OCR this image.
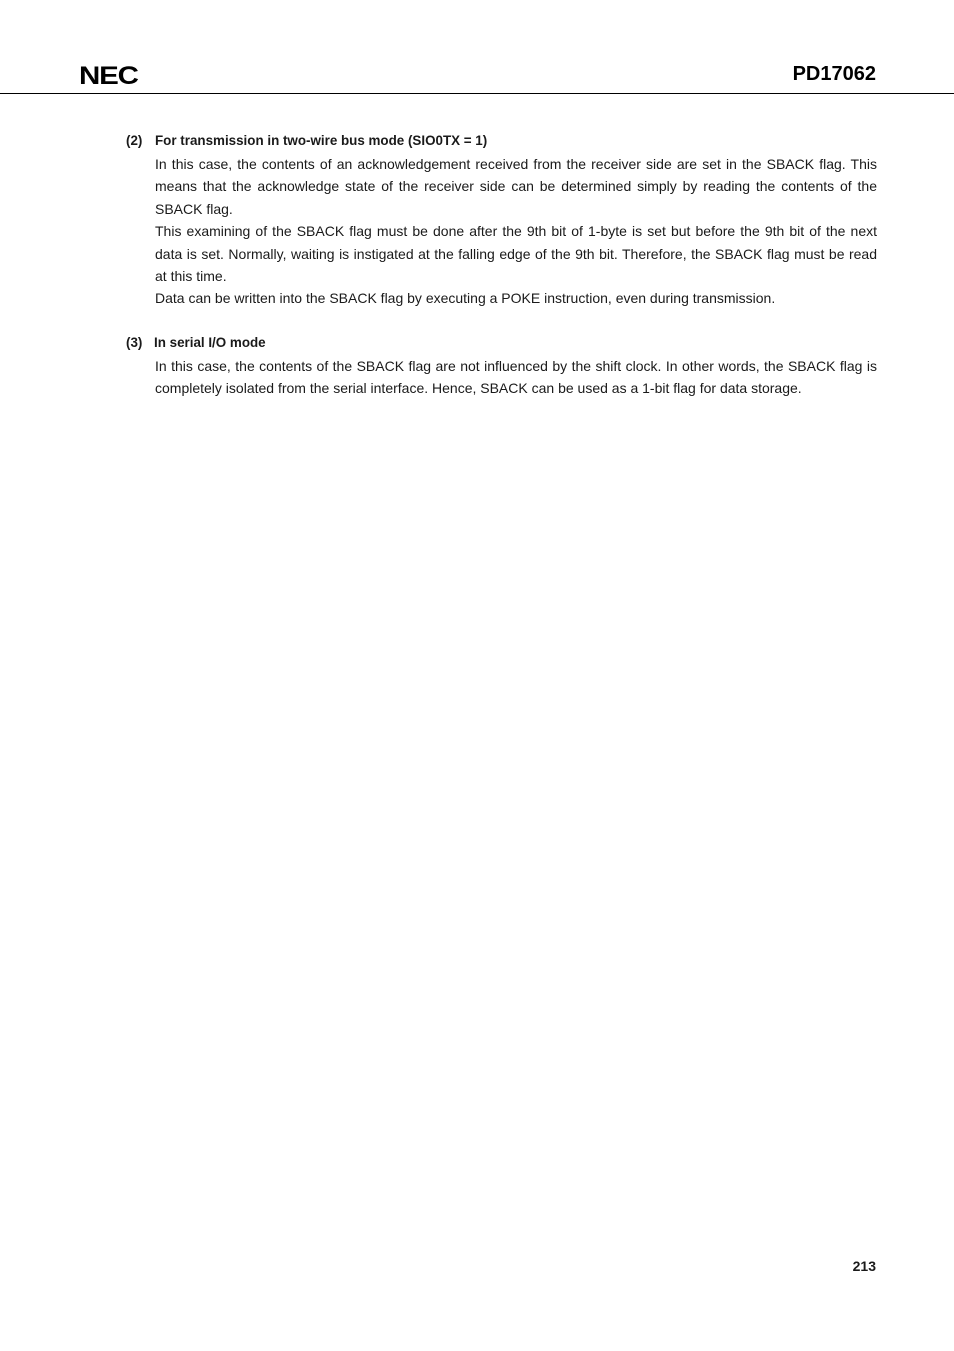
NEC	PD17062

(2) For transmission in two-wire bus mode (SIO0TX = 1)

In this case, the contents of an acknowledgement received from the receiver side are set in the SBACK flag. This means that the acknowledge state of the receiver side can be determined simply by reading the contents of the SBACK flag.

This examining of the SBACK flag must be done after the 9th bit of 1-byte is set but before the 9th bit of the next data is set. Normally, waiting is instigated at the falling edge of the 9th bit. Therefore, the SBACK flag must be read at this time.

Data can be written into the SBACK flag by executing a POKE instruction, even during transmission.

(3) In serial I/O mode

In this case, the contents of the SBACK flag are not influenced by the shift clock. In other words, the SBACK flag is completely isolated from the serial interface. Hence, SBACK can be used as a 1-bit flag for data storage.

213
